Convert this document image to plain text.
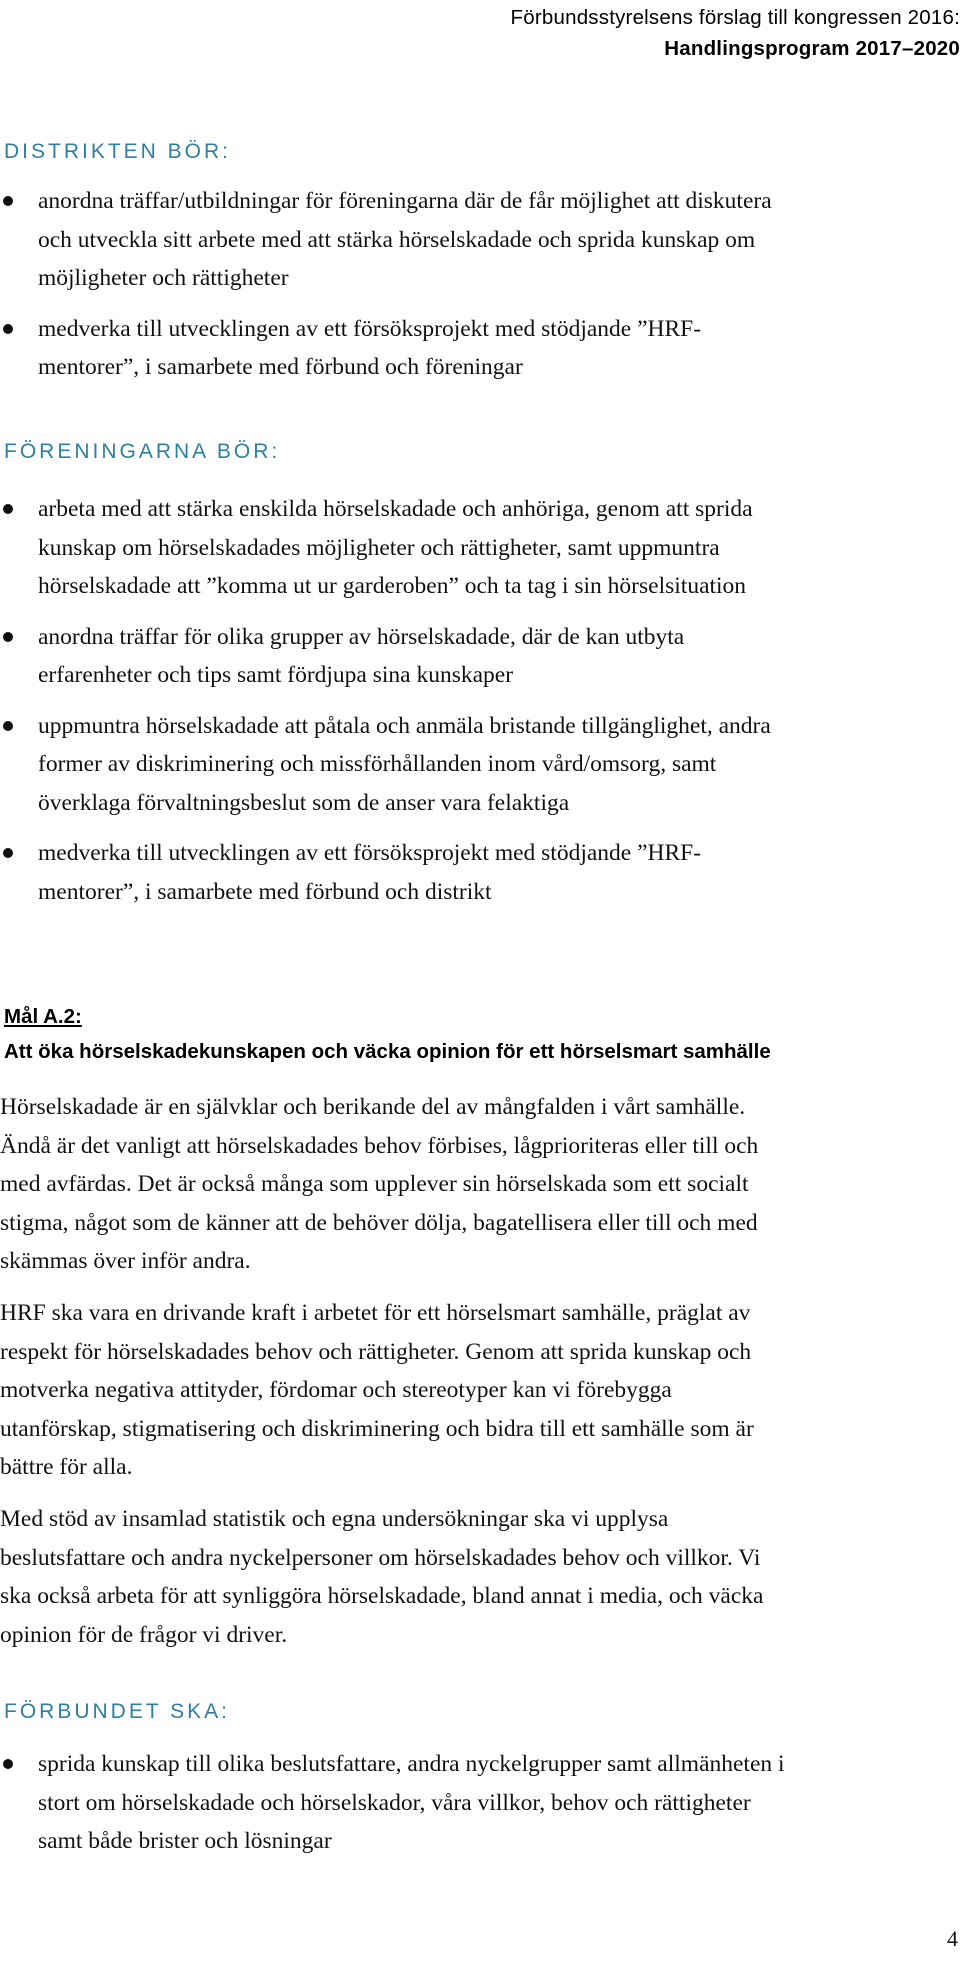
Förbundsstyrelsens förslag till kongressen 2016:
Handlingsprogram 2017–2020
DISTRIKTEN BÖR:
anordna träffar/utbildningar för föreningarna där de får möjlighet att diskutera
och utveckla sitt arbete med att stärka hörselskadade och sprida kunskap om
möjligheter och rättigheter
medverka till utvecklingen av ett försöksprojekt med stödjande ”HRF-
mentorer”, i samarbete med förbund och föreningar
FÖRENINGARNA BÖR:
arbeta med att stärka enskilda hörselskadade och anhöriga, genom att sprida
kunskap om hörselskadades möjligheter och rättigheter, samt uppmuntra
hörselskadade att ”komma ut ur garderoben” och ta tag i sin hörselsituation
anordna träffar för olika grupper av hörselskadade, där de kan utbyta
erfarenheter och tips samt fördjupa sina kunskaper
uppmuntra hörselskadade att påtala och anmäla bristande tillgänglighet, andra
former av diskriminering och missförhållanden inom vård/omsorg, samt
överklaga förvaltningsbeslut som de anser vara felaktiga
medverka till utvecklingen av ett försöksprojekt med stödjande ”HRF-
mentorer”, i samarbete med förbund och distrikt
Mål A.2:
Att öka hörselskadekunskapen och väcka opinion för ett hörselsmart samhälle
Hörselskadade är en självklar och berikande del av mångfalden i vårt samhälle.
Ändå är det vanligt att hörselskadades behov förbises, lågprioriteras eller till och
med avfärdas. Det är också många som upplever sin hörselskada som ett socialt
stigma, något som de känner att de behöver dölja, bagatellisera eller till och med
skämmas över inför andra.
HRF ska vara en drivande kraft i arbetet för ett hörselsmart samhälle, präglat av
respekt för hörselskadades behov och rättigheter. Genom att sprida kunskap och
motverka negativa attityder, fördomar och stereotyper kan vi förebygga
utanförskap, stigmatisering och diskriminering och bidra till ett samhälle som är
bättre för alla.
Med stöd av insamlad statistik och egna undersökningar ska vi upplysa
beslutsfattare och andra nyckelpersoner om hörselskadades behov och villkor. Vi
ska också arbeta för att synliggöra hörselskadade, bland annat i media, och väcka
opinion för de frågor vi driver.
FÖRBUNDET SKA:
sprida kunskap till olika beslutsfattare, andra nyckelgrupper samt allmänheten i
stort om hörselskadade och hörselskador, våra villkor, behov och rättigheter
samt både brister och lösningar
4
